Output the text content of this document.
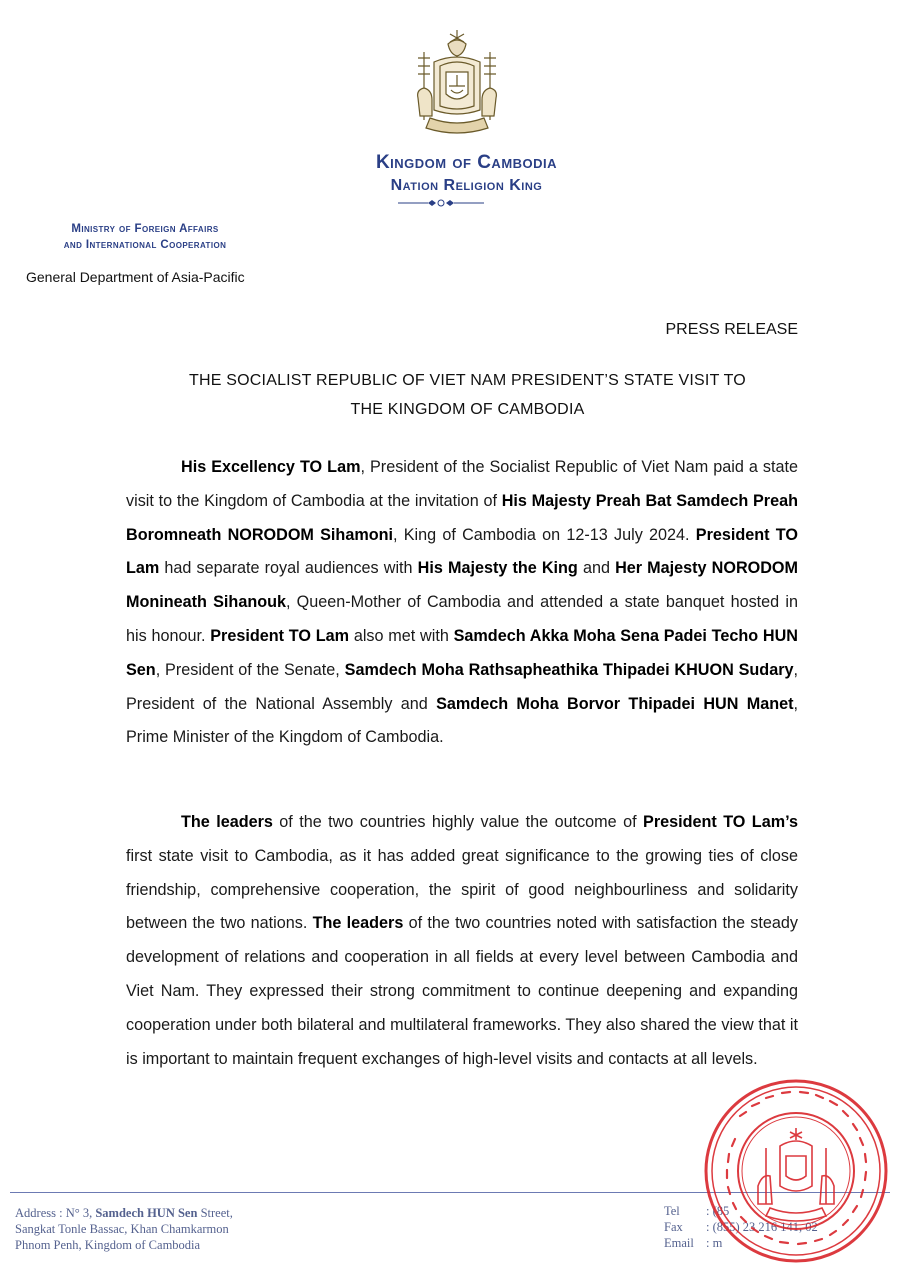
Kingdom of Cambodia
Nation Religion King
Ministry of Foreign Affairs
and International Cooperation
General Department of Asia-Pacific
PRESS RELEASE
THE SOCIALIST REPUBLIC OF VIET NAM PRESIDENT’S STATE VISIT TO
THE KINGDOM OF CAMBODIA
His Excellency TO Lam, President of the Socialist Republic of Viet Nam paid a state visit to the Kingdom of Cambodia at the invitation of His Majesty Preah Bat Samdech Preah Boromneath NORODOM Sihamoni, King of Cambodia on 12-13 July 2024. President TO Lam had separate royal audiences with His Majesty the King and Her Majesty NORODOM Monineath Sihanouk, Queen-Mother of Cambodia and attended a state banquet hosted in his honour. President TO Lam also met with Samdech Akka Moha Sena Padei Techo HUN Sen, President of the Senate, Samdech Moha Rathsapheathika Thipadei KHUON Sudary, President of the National Assembly and Samdech Moha Borvor Thipadei HUN Manet, Prime Minister of the Kingdom of Cambodia.
The leaders of the two countries highly value the outcome of President TO Lam’s first state visit to Cambodia, as it has added great significance to the growing ties of close friendship, comprehensive cooperation, the spirit of good neighbourliness and solidarity between the two nations. The leaders of the two countries noted with satisfaction the steady development of relations and cooperation in all fields at every level between Cambodia and Viet Nam. They expressed their strong commitment to continue deepening and expanding cooperation under both bilateral and multilateral frameworks. They also shared the view that it is important to maintain frequent exchanges of high-level visits and contacts at all levels.
Address : N° 3, Samdech HUN Sen Street,
Sangkat Tonle Bassac, Khan Chamkarmon
Phnom Penh, Kingdom of Cambodia
Tel : (85
Fax : (855) 23 216 141, 02
Email : m
